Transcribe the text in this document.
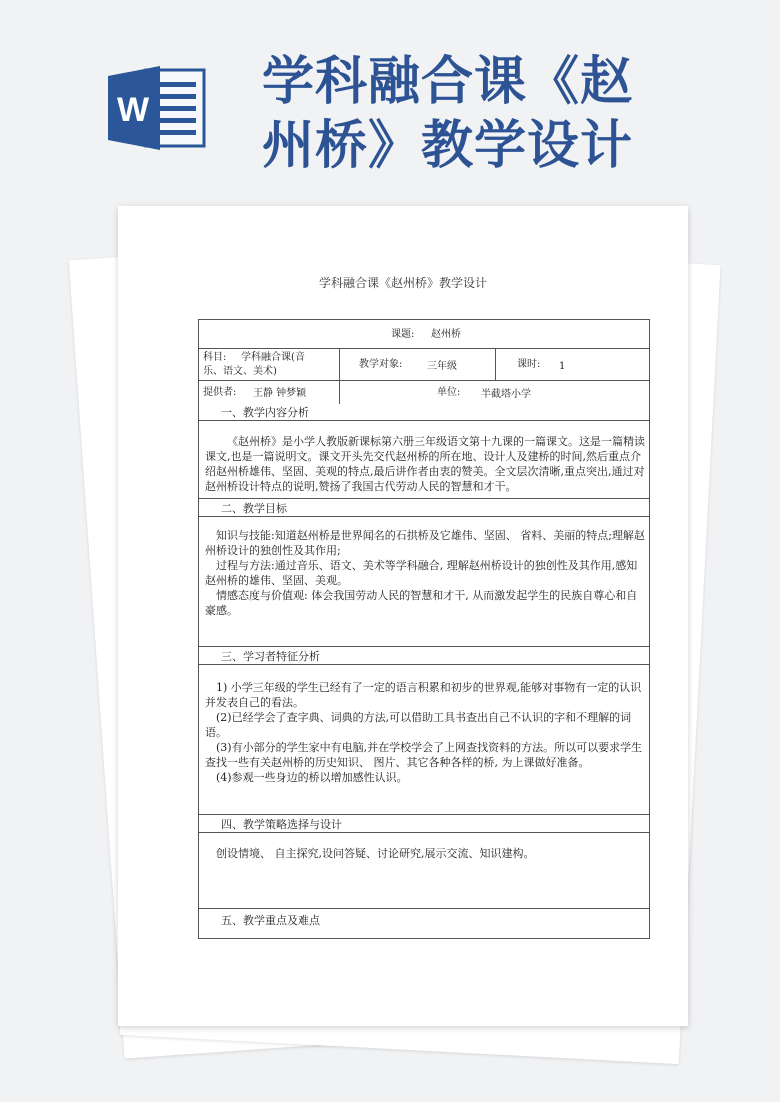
W 学科融合课《赵州桥》教学设计
学科融合课《赵州桥》教学设计
课题: 赵州桥
科目: 学科融合课(音
乐、语文、美术)
教学对象: 三年级	课时: 1
提供者: 王静 钟梦颖	单位: 半截塔小学
一、教学内容分析

《赵州桥》是小学人教版新课标第六册三年级语文第十九课的一篇课文。这是一篇精读课文,也是一篇说明文。课文开头先交代赵州桥的所在地、设计人及建桥的时间,然后重点介绍赵州桥雄伟、坚固、美观的特点,最后讲作者由衷的赞美。全文层次清晰,重点突出,通过对赵州桥设计特点的说明,赞扬了我国古代劳动人民的智慧和才干。

二、教学目标

知识与技能:知道赵州桥是世界闻名的石拱桥及它雄伟、坚固、 省料、美丽的特点;理解赵州桥设计的独创性及其作用;

过程与方法:通过音乐、语文、美术等学科融合, 理解赵州桥设计的独创性及其作用,感知赵州桥的雄伟、坚固、美观。

情感态度与价值观: 体会我国劳动人民的智慧和才干, 从而激发起学生的民族自尊心和自豪感。

三、学习者特征分析

1) 小学三年级的学生已经有了一定的语言积累和初步的世界观,能够对事物有一定的认识并发表自己的看法。

(2)已经学会了查字典、词典的方法,可以借助工具书查出自己不认识的字和不理解的词语。

(3)有小部分的学生家中有电脑,并在学校学会了上网查找资料的方法。所以可以要求学生查找一些有关赵州桥的历史知识、 图片、其它各种各样的桥, 为上课做好准备。

(4)参观一些身边的桥以增加感性认识。

四、教学策略选择与设计

创设情境、 自主探究,设问答疑、讨论研究,展示交流、知识建构。

五、教学重点及难点
